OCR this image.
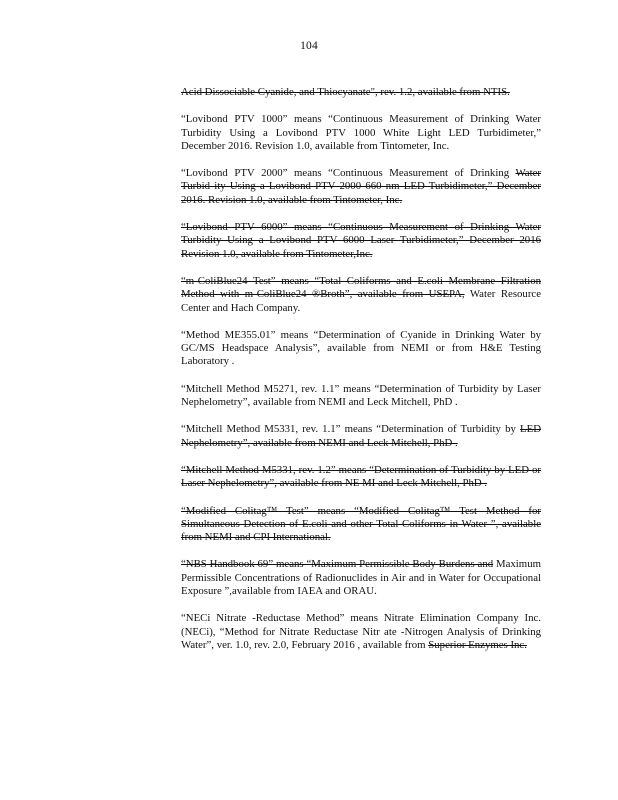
104

Acid Dissociable Cyanide, and Thiocyanate", rev. 1.2, available from NTIS.

“Lovibond PTV 1000” means “Continuous Measurement of Drinking Water Turbidity Using a Lovibond PTV 1000 White Light LED Turbidimeter,” December 2016. Revision 1.0, available from Tintometer, Inc.

“Lovibond PTV 2000” means “Continuous Measurement of Drinking Water Turbid ity Using a Lovibond PTV 2000 660 nm LED Turbidimeter,” December 2016. Revision 1.0, available from Tintometer, Inc.

“Lovibond PTV 6000” means “Continuous Measurement of Drinking Water Turbidity Using a Lovibond PTV 6000 Laser Turbidimeter,” December 2016 Revision 1.0, available from Tintometer,Inc.

“m-ColiBlue24 Test” means “Total Coliforms and E.coli Membrane Filtration Method with m-ColiBlue24 ®Broth”, available from USEPA, Water Resource Center and Hach Company.

“Method ME355.01” means “Determination of Cyanide in Drinking Water by GC/MS Headspace Analysis”, available from NEMI or from H&E Testing Laboratory .

“Mitchell Method M5271, rev. 1.1” means “Determination of Turbidity by Laser Nephelometry”, available from NEMI and Leck Mitchell, PhD .

“Mitchell Method M5331, rev. 1.1” means “Determination of Turbidity by LED Nephelometry”, available from NEMI and Leck Mitchell, PhD .

“Mitchell Method M5331, rev. 1.2” means “Determination of Turbidity by LED or Laser Nephelometry”, available from NE MI and Leck Mitchell, PhD .

“Modified Colitag™ Test” means “Modified Colitag™ Test Method for Simultaneous Detection of E.coli and other Total Coliforms in Water ”, available from NEMI and CPI International.

“NBS Handbook 69” means “Maximum Permissible Body Burdens and Maximum Permissible Concentrations of Radionuclides in Air and in Water for Occupational Exposure ”,available from IAEA and ORAU.

“NECi Nitrate -Reductase Method” means Nitrate Elimination Company Inc. (NECi), “Method for Nitrate Reductase Nitr ate -Nitrogen Analysis of Drinking Water”, ver. 1.0, rev. 2.0, February 2016 , available from Superior Enzymes Inc.
